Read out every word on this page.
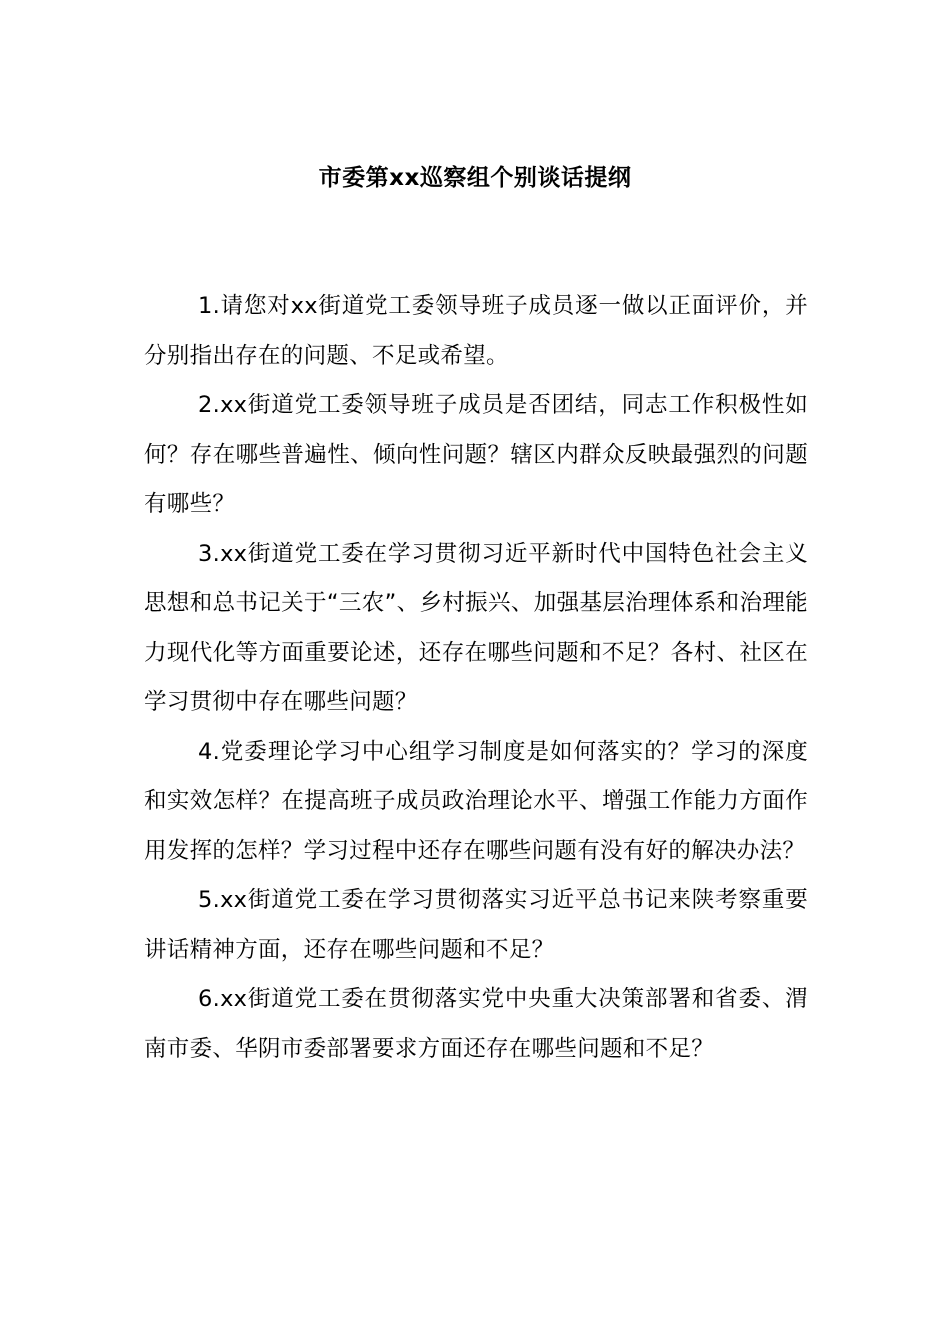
市委第xx巡察组个别谈话提纲

1.请您对xx街道党工委领导班子成员逐一做以正面评价，并分别指出存在的问题、不足或希望。

2.xx街道党工委领导班子成员是否团结，同志工作积极性如何？存在哪些普遍性、倾向性问题？辖区内群众反映最强烈的问题有哪些？

3.xx街道党工委在学习贯彻习近平新时代中国特色社会主义思想和总书记关于“三农”、乡村振兴、加强基层治理体系和治理能力现代化等方面重要论述，还存在哪些问题和不足？各村、社区在学习贯彻中存在哪些问题？

4.党委理论学习中心组学习制度是如何落实的？学习的深度和实效怎样？在提高班子成员政治理论水平、增强工作能力方面作用发挥的怎样？学习过程中还存在哪些问题有没有好的解决办法？

5.xx街道党工委在学习贯彻落实习近平总书记来陕考察重要讲话精神方面，还存在哪些问题和不足？

6.xx街道党工委在贯彻落实党中央重大决策部署和省委、渭南市委、华阴市委部署要求方面还存在哪些问题和不足？
